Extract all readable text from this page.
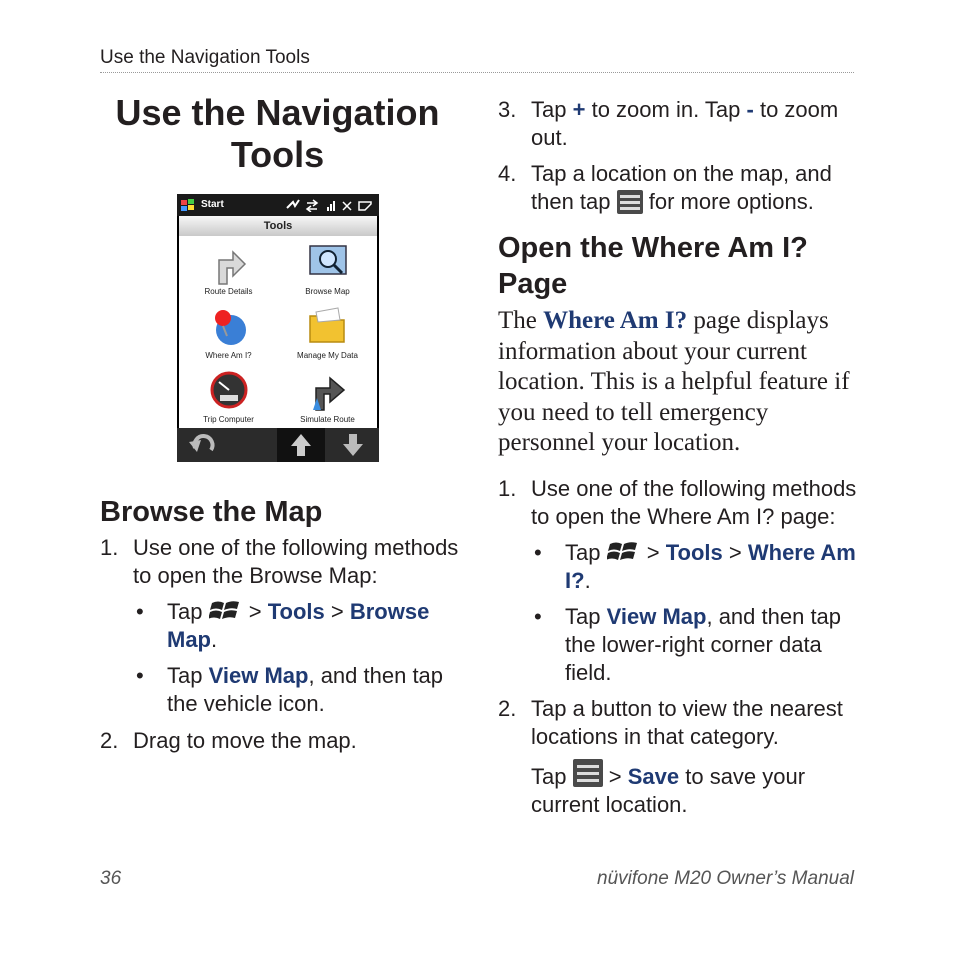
Use the Navigation Tools
Use the Navigation Tools
Start
Tools
Route Details	Browse Map
Where Am I?	Manage My Data
Trip Computer	Simulate Route
Browse the Map
1. Use one of the following methods to open the Browse Map:
• Tap > Tools > Browse Map.
• Tap View Map, and then tap the vehicle icon.
2. Drag to move the map.
3. Tap + to zoom in. Tap - to zoom out.
4. Tap a location on the map, and then tap for more options.
Open the Where Am I? Page
The Where Am I? page displays information about your current location. This is a helpful feature if you need to tell emergency personnel your location.
1. Use one of the following methods to open the Where Am I? page:
• Tap > Tools > Where Am I?.
• Tap View Map, and then tap the lower-right corner data field.
2. Tap a button to view the nearest locations in that category.
Tap > Save to save your current location.
36	nüvifone M20 Owner’s Manual
